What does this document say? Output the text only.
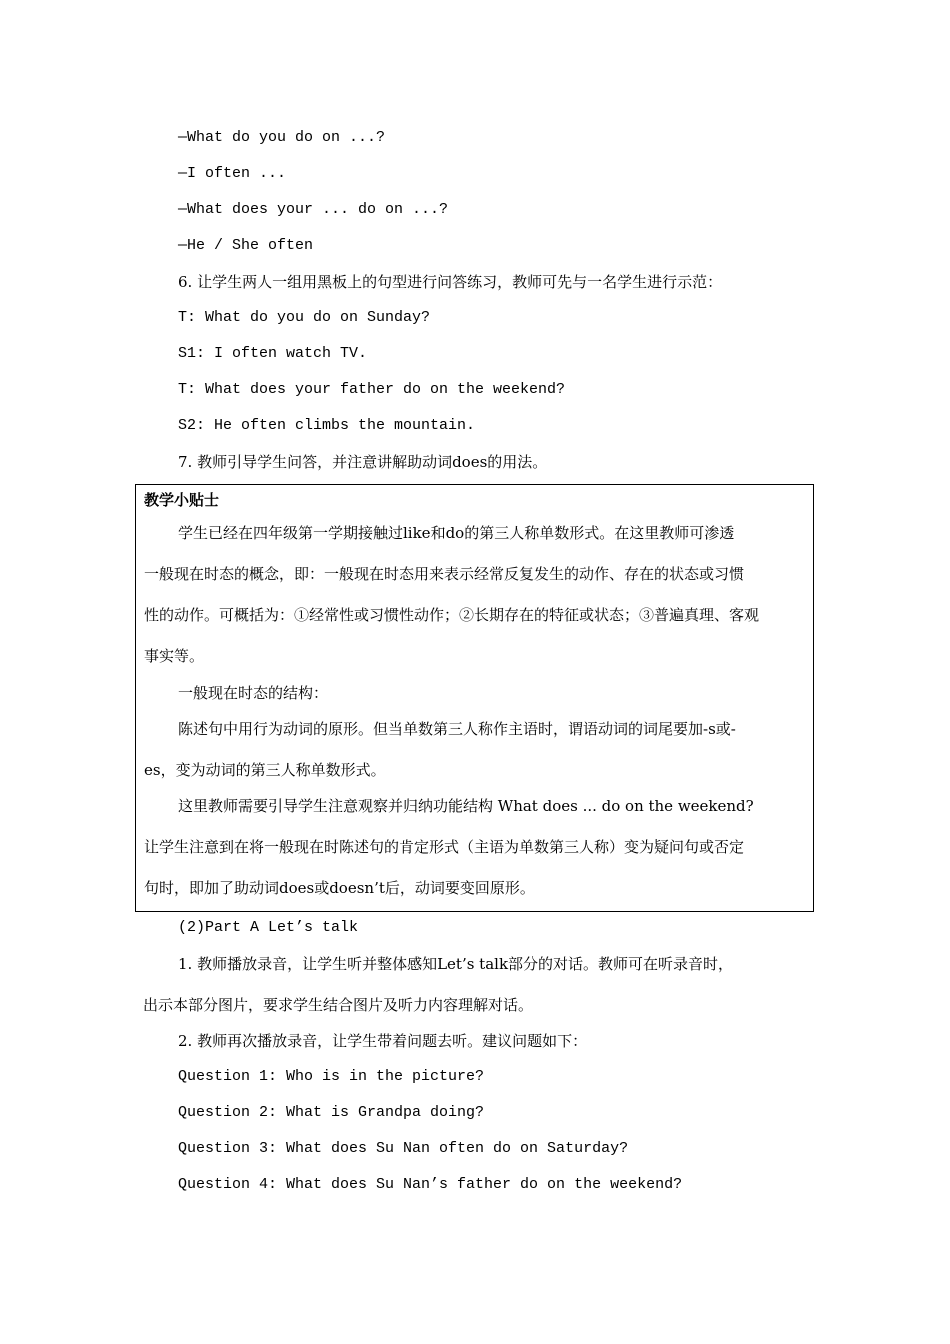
—What do you do on ...?
—I often ...
—What does your ... do on ...?
—He / She often
6. 让学生两人一组用黑板上的句型进行问答练习，教师可先与一名学生进行示范：
T: What do you do on Sunday?
S1: I often watch TV.
T: What does your father do on the weekend?
S2: He often climbs the mountain.
7. 教师引导学生问答，并注意讲解助动词does的用法。
教学小贴士
学生已经在四年级第一学期接触过like和do的第三人称单数形式。在这里教师可渗透
一般现在时态的概念，即：一般现在时态用来表示经常反复发生的动作、存在的状态或习惯
性的动作。可概括为：①经常性或习惯性动作；②长期存在的特征或状态；③普遍真理、客观
事实等。
一般现在时态的结构：
陈述句中用行为动词的原形。但当单数第三人称作主语时，谓语动词的词尾要加-s或-
es，变为动词的第三人称单数形式。
这里教师需要引导学生注意观察并归纳功能结构 What does ... do on the weekend?
让学生注意到在将一般现在时陈述句的肯定形式（主语为单数第三人称）变为疑问句或否定
句时，即加了助动词does或doesn’t后，动词要变回原形。
(2)Part A Let’s talk
1. 教师播放录音，让学生听并整体感知Let’s talk部分的对话。教师可在听录音时，
出示本部分图片，要求学生结合图片及听力内容理解对话。
2. 教师再次播放录音，让学生带着问题去听。建议问题如下：
Question 1: Who is in the picture?
Question 2: What is Grandpa doing?
Question 3: What does Su Nan often do on Saturday?
Question 4: What does Su Nan’s father do on the weekend?
